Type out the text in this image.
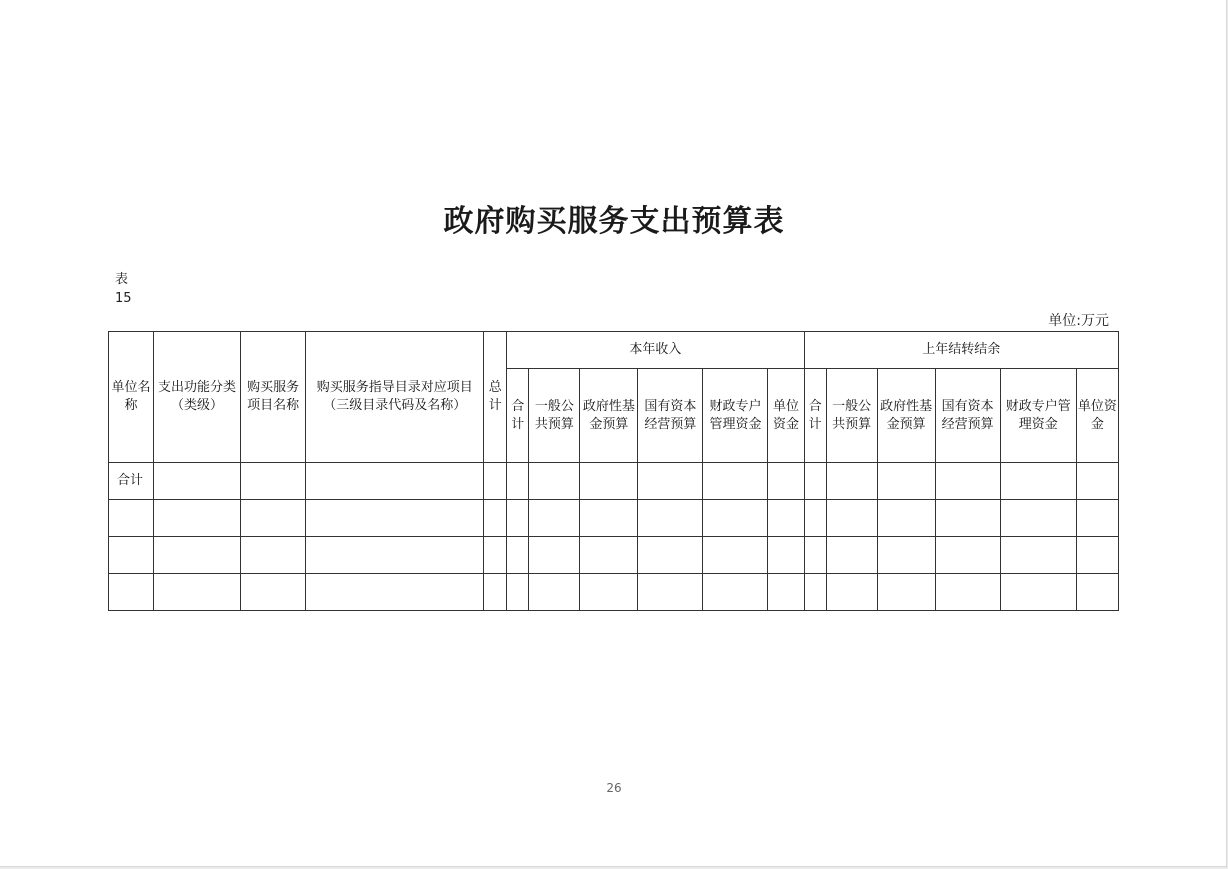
政府购买服务支出预算表
表
15
单位:万元
单位名称	支出功能分类（类级）	购买服务项目名称	购买服务指导目录对应项目（三级目录代码及名称）	总计	本年收入						上年结转结余					
					合计	一般公共预算	政府性基金预算	国有资本经营预算	财政专户管理资金	单位资金	合计	一般公共预算	政府性基金预算	国有资本经营预算	财政专户管理资金	单位资金
合计																

26
